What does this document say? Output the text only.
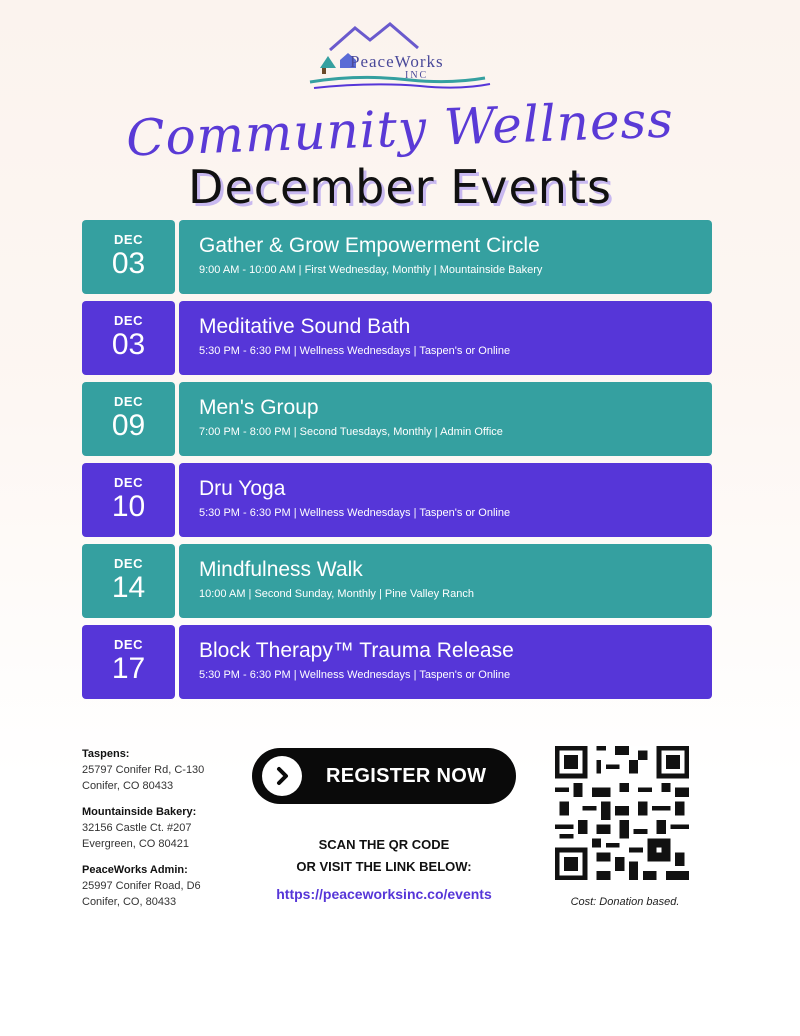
PeaceWorks
INC
Community Wellness
December Events
DEC
03
Gather & Grow Empowerment Circle
9:00 AM - 10:00 AM | First Wednesday, Monthly | Mountainside Bakery
DEC
03
Meditative Sound Bath
5:30 PM - 6:30 PM | Wellness Wednesdays | Taspen's or Online
DEC
09
Men's Group
7:00 PM - 8:00 PM | Second Tuesdays, Monthly | Admin Office
DEC
10
Dru Yoga
5:30 PM - 6:30 PM | Wellness Wednesdays | Taspen's or Online
DEC
14
Mindfulness Walk
10:00 AM | Second Sunday, Monthly | Pine Valley Ranch
DEC
17
Block Therapy™ Trauma Release
5:30 PM - 6:30 PM | Wellness Wednesdays | Taspen's or Online
Taspens:
25797 Conifer Rd, C-130
Conifer, CO 80433
Mountainside Bakery:
32156 Castle Ct. #207
Evergreen, CO 80421
PeaceWorks Admin:
25997 Conifer Road, D6
Conifer, CO, 80433
REGISTER NOW
SCAN THE QR CODE
OR VISIT THE LINK BELOW:
https://peaceworksinc.co/events	Cost: Donation based.
